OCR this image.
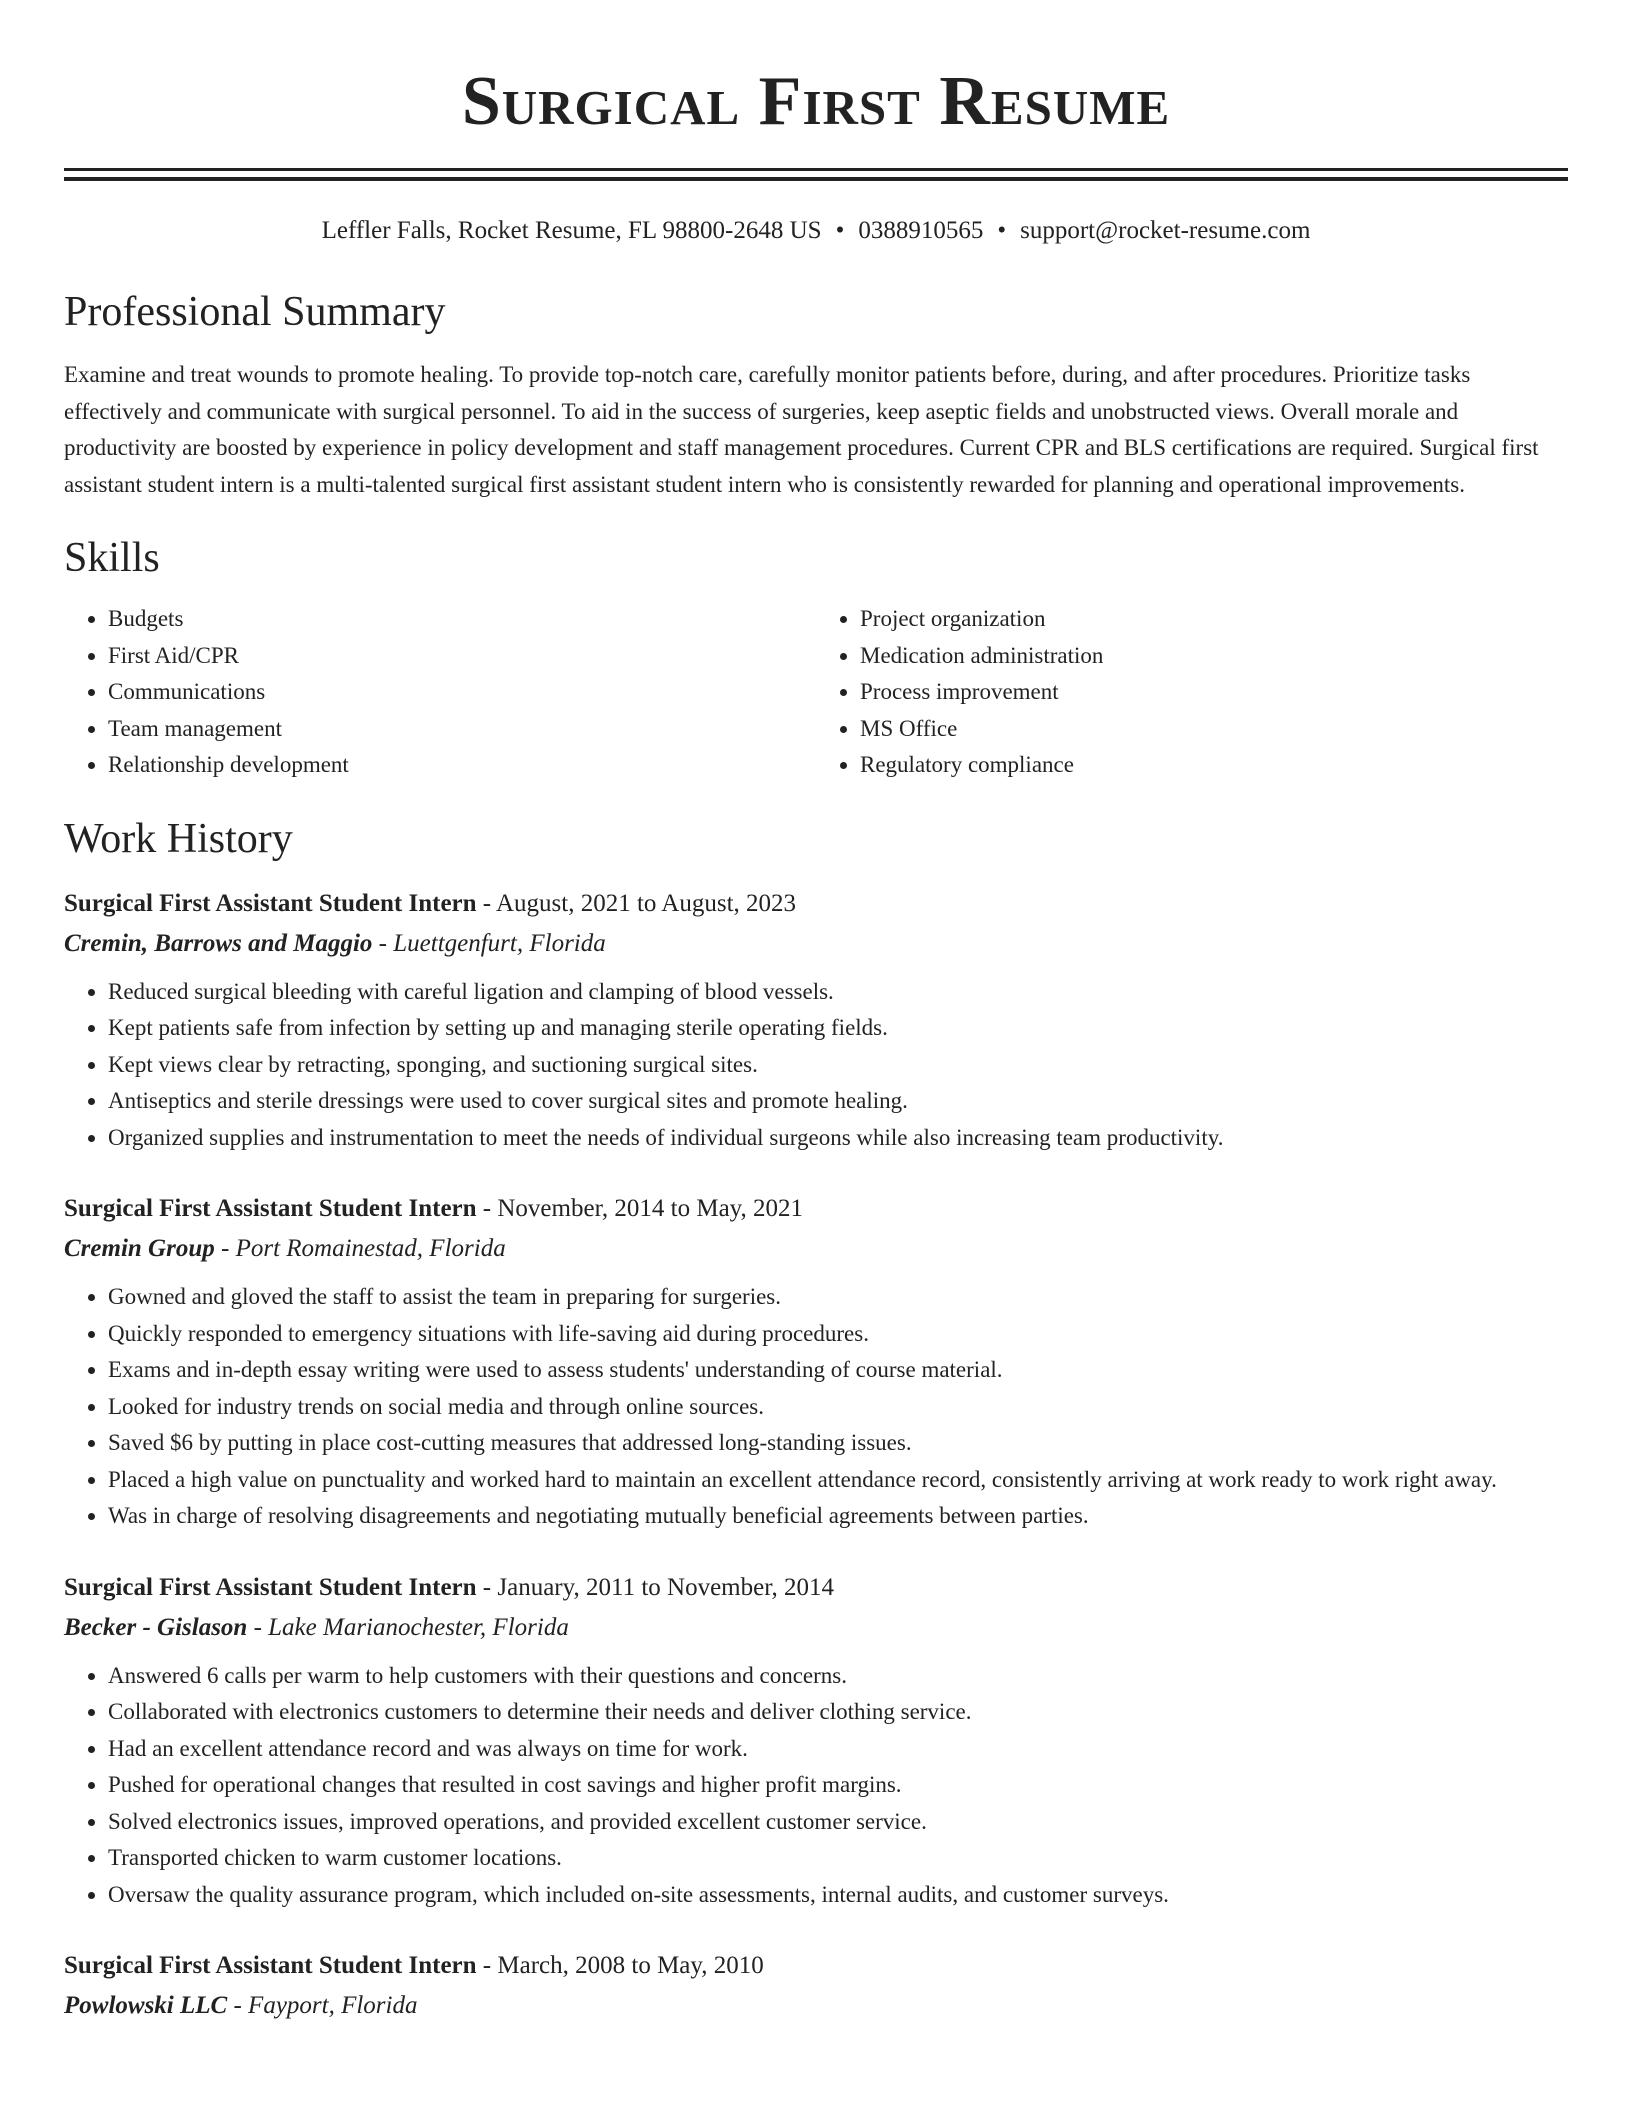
Surgical First Resume
Leffler Falls, Rocket Resume, FL 98800-2648 US • 0388910565 • support@rocket-resume.com
Professional Summary

Examine and treat wounds to promote healing. To provide top-notch care, carefully monitor patients before, during, and after procedures. Prioritize tasks effectively and communicate with surgical personnel. To aid in the success of surgeries, keep aseptic fields and unobstructed views. Overall morale and productivity are boosted by experience in policy development and staff management procedures. Current CPR and BLS certifications are required. Surgical first assistant student intern is a multi-talented surgical first assistant student intern who is consistently rewarded for planning and operational improvements.

Skills
• Budgets
• First Aid/CPR
• Communications
• Team management
• Relationship development
• Project organization
• Medication administration
• Process improvement
• MS Office
• Regulatory compliance
Work History
Surgical First Assistant Student Intern - August, 2021 to August, 2023
Cremin, Barrows and Maggio - Luettgenfurt, Florida
• Reduced surgical bleeding with careful ligation and clamping of blood vessels.
• Kept patients safe from infection by setting up and managing sterile operating fields.
• Kept views clear by retracting, sponging, and suctioning surgical sites.
• Antiseptics and sterile dressings were used to cover surgical sites and promote healing.
• Organized supplies and instrumentation to meet the needs of individual surgeons while also increasing team productivity.
Surgical First Assistant Student Intern - November, 2014 to May, 2021
Cremin Group - Port Romainestad, Florida
• Gowned and gloved the staff to assist the team in preparing for surgeries.
• Quickly responded to emergency situations with life-saving aid during procedures.
• Exams and in-depth essay writing were used to assess students' understanding of course material.
• Looked for industry trends on social media and through online sources.
• Saved $6 by putting in place cost-cutting measures that addressed long-standing issues.
• Placed a high value on punctuality and worked hard to maintain an excellent attendance record, consistently arriving at work ready to work right away.
• Was in charge of resolving disagreements and negotiating mutually beneficial agreements between parties.
Surgical First Assistant Student Intern - January, 2011 to November, 2014
Becker - Gislason - Lake Marianochester, Florida
• Answered 6 calls per warm to help customers with their questions and concerns.
• Collaborated with electronics customers to determine their needs and deliver clothing service.
• Had an excellent attendance record and was always on time for work.
• Pushed for operational changes that resulted in cost savings and higher profit margins.
• Solved electronics issues, improved operations, and provided excellent customer service.
• Transported chicken to warm customer locations.
• Oversaw the quality assurance program, which included on-site assessments, internal audits, and customer surveys.
Surgical First Assistant Student Intern - March, 2008 to May, 2010
Powlowski LLC - Fayport, Florida
